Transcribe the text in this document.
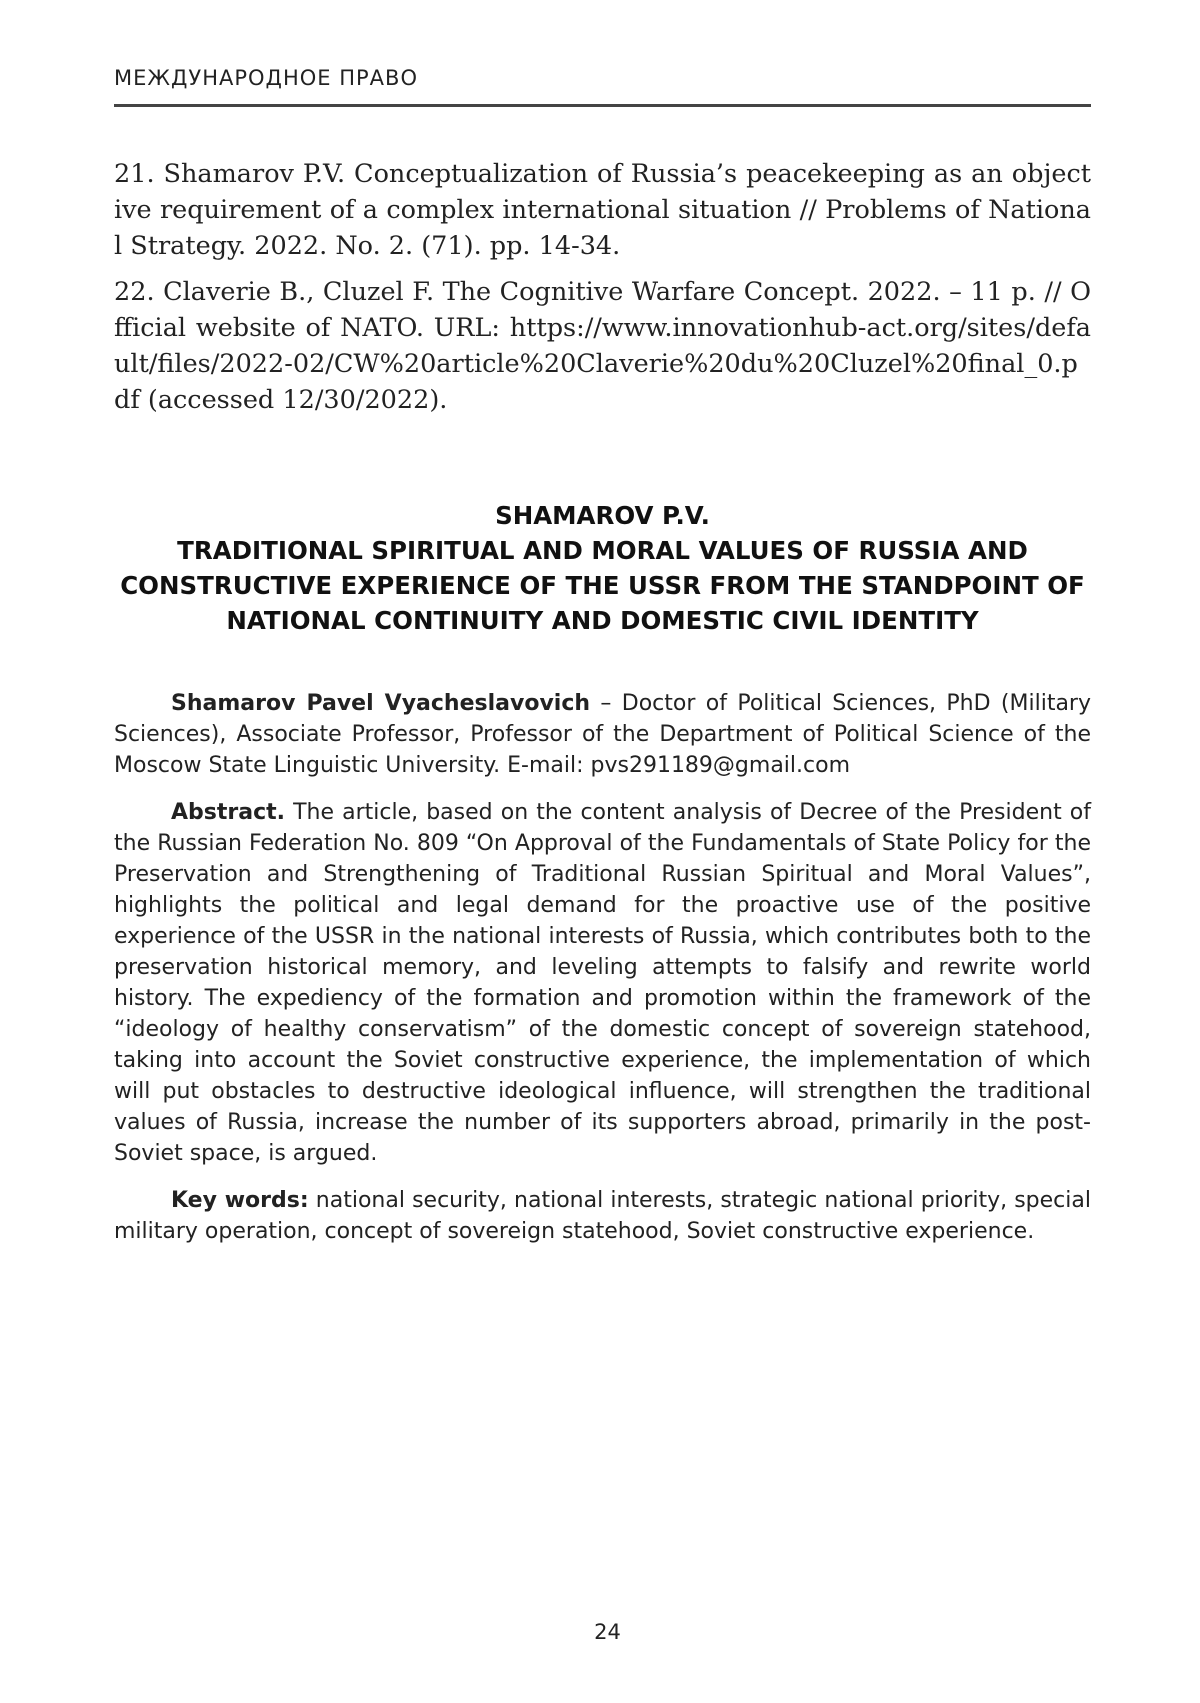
МЕЖДУНАРОДНОЕ ПРАВО

21. Shamarov P.V. Conceptualization of Russia’s peacekeeping as an objective requirement of a complex international situation // Problems of National Strategy. 2022. No. 2. (71). pp. 14-34.

22. Claverie B., Cluzel F. The Cognitive Warfare Concept. 2022. – 11 p. // Official website of NATO. URL: https://www.innovationhub-act.org/sites/default/files/2022-02/CW%20article%20Claverie%20du%20Cluzel%20final_0.pdf (accessed 12/30/2022).

SHAMAROV P.V.
TRADITIONAL SPIRITUAL AND MORAL VALUES OF RUSSIA AND CONSTRUCTIVE EXPERIENCE OF THE USSR FROM THE STANDPOINT OF NATIONAL CONTINUITY AND DOMESTIC CIVIL IDENTITY

Shamarov Pavel Vyacheslavovich – Doctor of Political Sciences, PhD (Military Sciences), Associate Professor, Professor of the Department of Political Science of the Moscow State Linguistic University. E-mail: pvs291189@gmail.com

Abstract. The article, based on the content analysis of Decree of the President of the Russian Federation No. 809 “On Approval of the Fundamentals of State Policy for the Preservation and Strengthening of Traditional Russian Spiritual and Moral Values”, highlights the political and legal demand for the proactive use of the positive experience of the USSR in the national interests of Russia, which contributes both to the preservation historical memory, and leveling attempts to falsify and rewrite world history. The expediency of the formation and promotion within the framework of the “ideology of healthy conservatism” of the domestic concept of sovereign statehood, taking into account the Soviet constructive experience, the implementation of which will put obstacles to destructive ideological influence, will strengthen the traditional values of Russia, increase the number of its supporters abroad, primarily in the post-Soviet space, is argued.

Key words: national security, national interests, strategic national priority, special military operation, concept of sovereign statehood, Soviet constructive experience.

24
